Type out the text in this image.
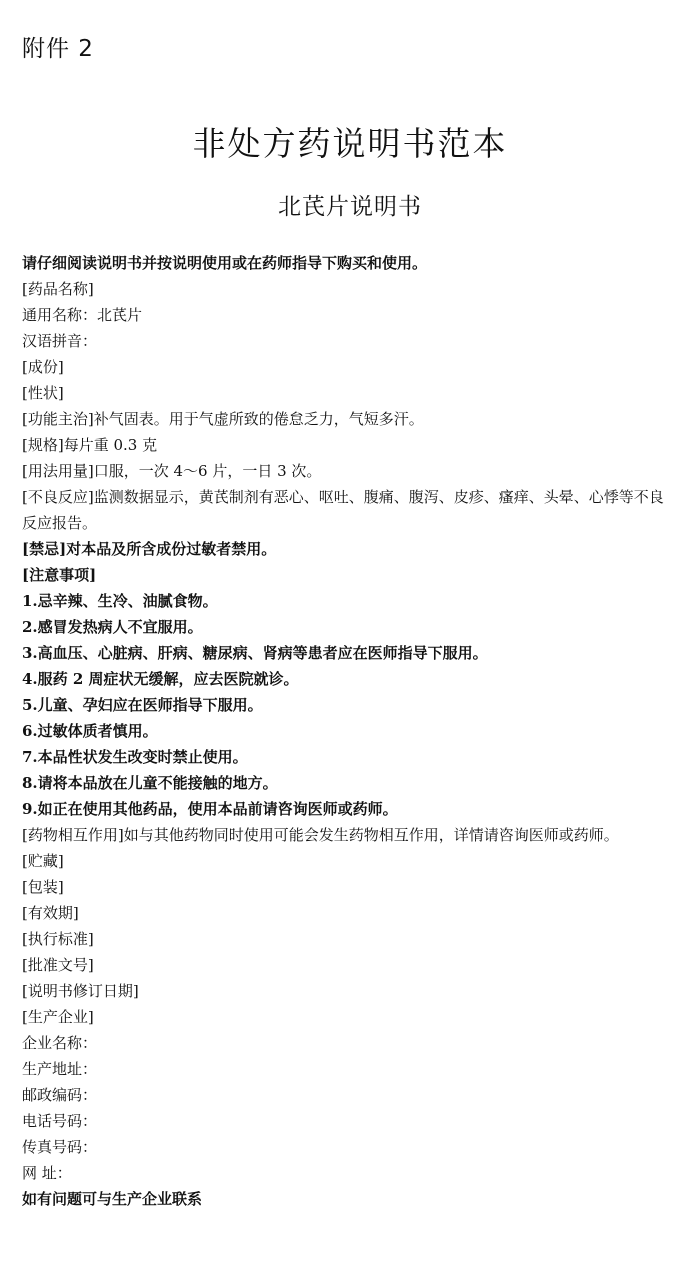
附件 2
非处方药说明书范本
北芪片说明书
请仔细阅读说明书并按说明使用或在药师指导下购买和使用。
[药品名称]
通用名称：北芪片
汉语拼音：
[成份]
[性状]
[功能主治]补气固表。用于气虚所致的倦怠乏力，气短多汗。
[规格]每片重 0.3 克
[用法用量]口服，一次 4～6 片，一日 3 次。
[不良反应]监测数据显示，黄芪制剂有恶心、呕吐、腹痛、腹泻、皮疹、瘙痒、头晕、心悸等不良反应报告。
[禁忌]对本品及所含成份过敏者禁用。
[注意事项]
1.忌辛辣、生冷、油腻食物。
2.感冒发热病人不宜服用。
3.高血压、心脏病、肝病、糖尿病、肾病等患者应在医师指导下服用。
4.服药 2 周症状无缓解，应去医院就诊。
5.儿童、孕妇应在医师指导下服用。
6.过敏体质者慎用。
7.本品性状发生改变时禁止使用。
8.请将本品放在儿童不能接触的地方。
9.如正在使用其他药品，使用本品前请咨询医师或药师。
[药物相互作用]如与其他药物同时使用可能会发生药物相互作用，详情请咨询医师或药师。
[贮藏]
[包装]
[有效期]
[执行标准]
[批准文号]
[说明书修订日期]
[生产企业]
企业名称：
生产地址：
邮政编码：
电话号码：
传真号码：
网 址：
如有问题可与生产企业联系
